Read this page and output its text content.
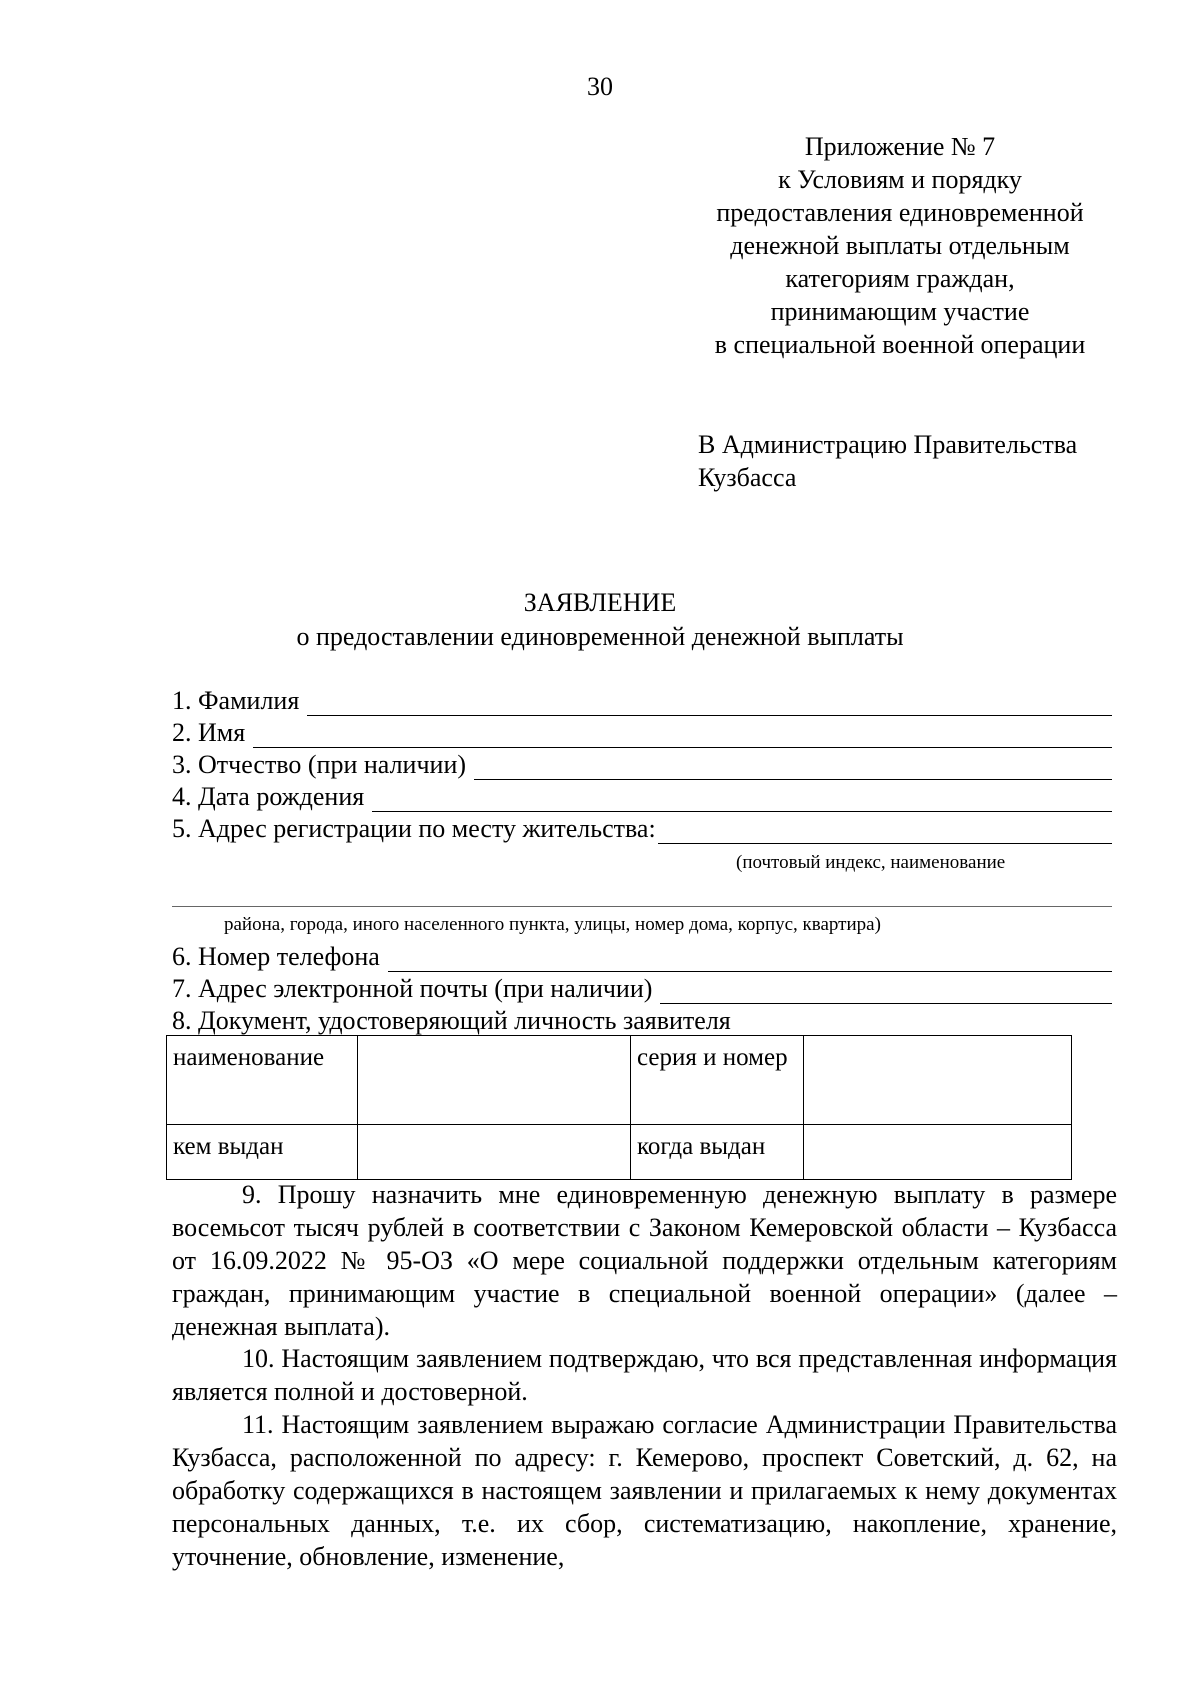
30
Приложение № 7
к Условиям и порядку
предоставления единовременной
денежной выплаты отдельным
категориям граждан,
принимающим участие
в специальной военной операции
В Администрацию Правительства
Кузбасса
ЗАЯВЛЕНИЕ
о предоставлении единовременной денежной выплаты
1. Фамилия
2. Имя
3. Отчество (при наличии)
4. Дата рождения
5. Адрес регистрации по месту жительства:
(почтовый индекс, наименование
района, города, иного населенного пункта, улицы, номер дома, корпус, квартира)
6. Номер телефона
7. Адрес электронной почты (при наличии)
8. Документ, удостоверяющий личность заявителя
наименование		серия и номер	
кем выдан		когда выдан	
9. Прошу назначить мне единовременную денежную выплату в размере восемьсот тысяч рублей в соответствии с Законом Кемеровской области – Кузбасса от 16.09.2022 № 95-ОЗ «О мере социальной поддержки отдельным категориям граждан, принимающим участие в специальной военной операции» (далее – денежная выплата).
10. Настоящим заявлением подтверждаю, что вся представленная информация является полной и достоверной.
11. Настоящим заявлением выражаю согласие Администрации Правительства Кузбасса, расположенной по адресу: г. Кемерово, проспект Советский, д. 62, на обработку содержащихся в настоящем заявлении и прилагаемых к нему документах персональных данных, т.е. их сбор, систематизацию, накопление, хранение, уточнение, обновление, изменение,
